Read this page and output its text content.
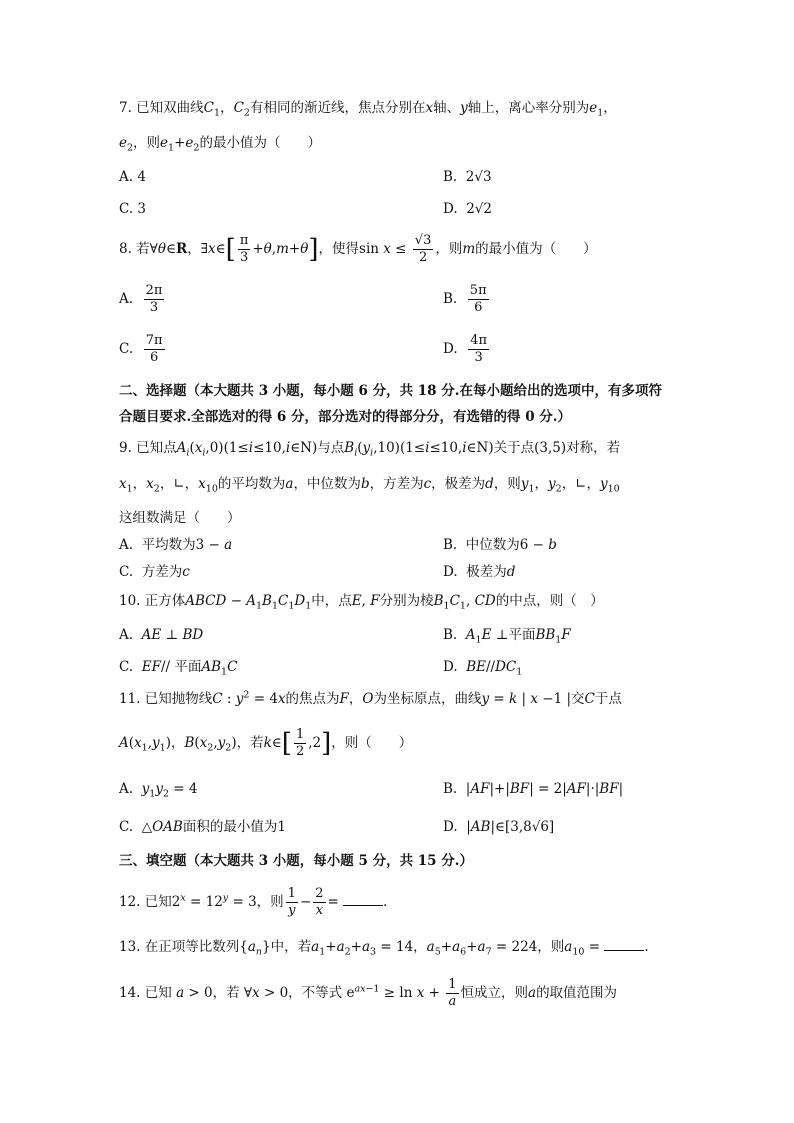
7. 已知双曲线$C_1$，$C_2$有相同的渐近线，焦点分别在x轴、y轴上，离心率分别为$e_1$，
$e_2$，则$e_1+e_2$的最小值为（　　）
A. 4	B.  2√3
C. 3	D.  2√2
8. 若∀θ∈R，∃x∈[ $\frac{\pi}{3} +\theta,m+\theta$]，使得$\sin x \le \frac{√3}{2}$ ，则m的最小值为（　　）
A. $\frac{2\pi}{3}$	B. $\frac{5\pi}{6}$
C. $\frac{7\pi}{6}$	D. $\frac{4\pi}{3}$
二、选择题（本大题共 3 小题，每小题 6 分，共 18 分.在每小题给出的选项中，有多项符
合题目要求.全部选对的得 6 分，部分选对的得部分分，有选错的得 0 分.）
9. 已知点$A_i(x_i,0)(1\le i\le 10,i\in N)$与点$B_i(y_i,10)(1\le i\le 10,i\in N)$关于点(3,5)对称，若
$x_1$，$x_2$，∟，$x_{10}$的平均数为a，中位数为b，方差为c，极差为d，则$y_1$，$y_2$，∟，$y_{10}$
这组数满足（　　）
A.  平均数为3 − a	B.  中位数为6 − b
C.  方差为c	D.  极差为d
10. 正方体ABCD − $A_1B_1C_1D_1$中，点E, F分别为棱$B_1C_1$, CD的中点，则（　）
A.  AE ⊥ BD	B.  $A_1E$ ⊥平面$BB_1F$
C.  EF// 平面$AB_1C$	D.  $BE//DC_1$
11. 已知抛物线C : $y^2 = 4x$的焦点为F，O为坐标原点，曲线y = k | x −1 |交C于点
$A(x_1,y_1)$，$B(x_2,y_2)$，若k∈[ $\frac{1}{2} ,2$]，则（　　）
A.  $y_1y_2 = 4$	B.  |AF|+|BF| = 2|AF|·|BF|
C.  △OAB面积的最小值为1	D.  |AB|∈[3,8√6]
三、填空题（本大题共 3 小题，每小题 5 分，共 15 分.）
12. 已知$2^x = 12^y = 3$，则 $\frac{1}{y} - \frac{2}{x}$ =	.
13. 在正项等比数列$\{a_n\}$中，若$a_1+a_2+a_3 = 14$，$a_5+a_6+a_7 = 224$，则$a_{10}$ =	.
14. 已知 a > 0，若 ∀x > 0，不等式 $e^{ax-1} \ge \ln x + \frac{1}{a}$ 恒成立，则a的取值范围为
